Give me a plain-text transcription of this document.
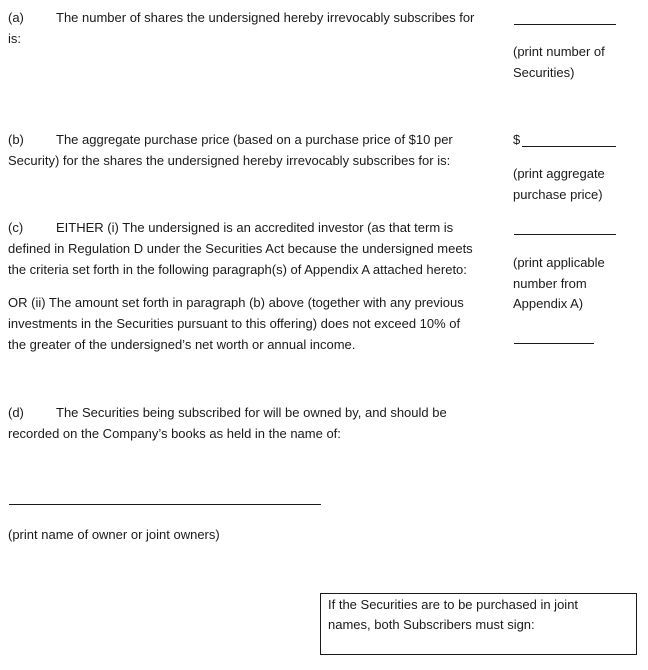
(a) The number of shares the undersigned hereby irrevocably subscribes for
is:
(print number of
Securities)
(b) The aggregate purchase price (based on a purchase price of $10 per
Security) for the shares the undersigned hereby irrevocably subscribes for is:
$
(print aggregate
purchase price)
(c)	EITHER (i) The undersigned is an accredited investor (as that term is
defined in Regulation D under the Securities Act because the undersigned meets
the criteria set forth in the following paragraph(s) of Appendix A attached hereto:	(print applicable
number from
Appendix A)
OR (ii) The amount set forth in paragraph (b) above (together with any previous
investments in the Securities pursuant to this offering) does not exceed 10% of
the greater of the undersigned’s net worth or annual income.
(d) The Securities being subscribed for will be owned by, and should be
recorded on the Company’s books as held in the name of:
(print name of owner or joint owners)
If the Securities are to be purchased in joint
names, both Subscribers must sign:
